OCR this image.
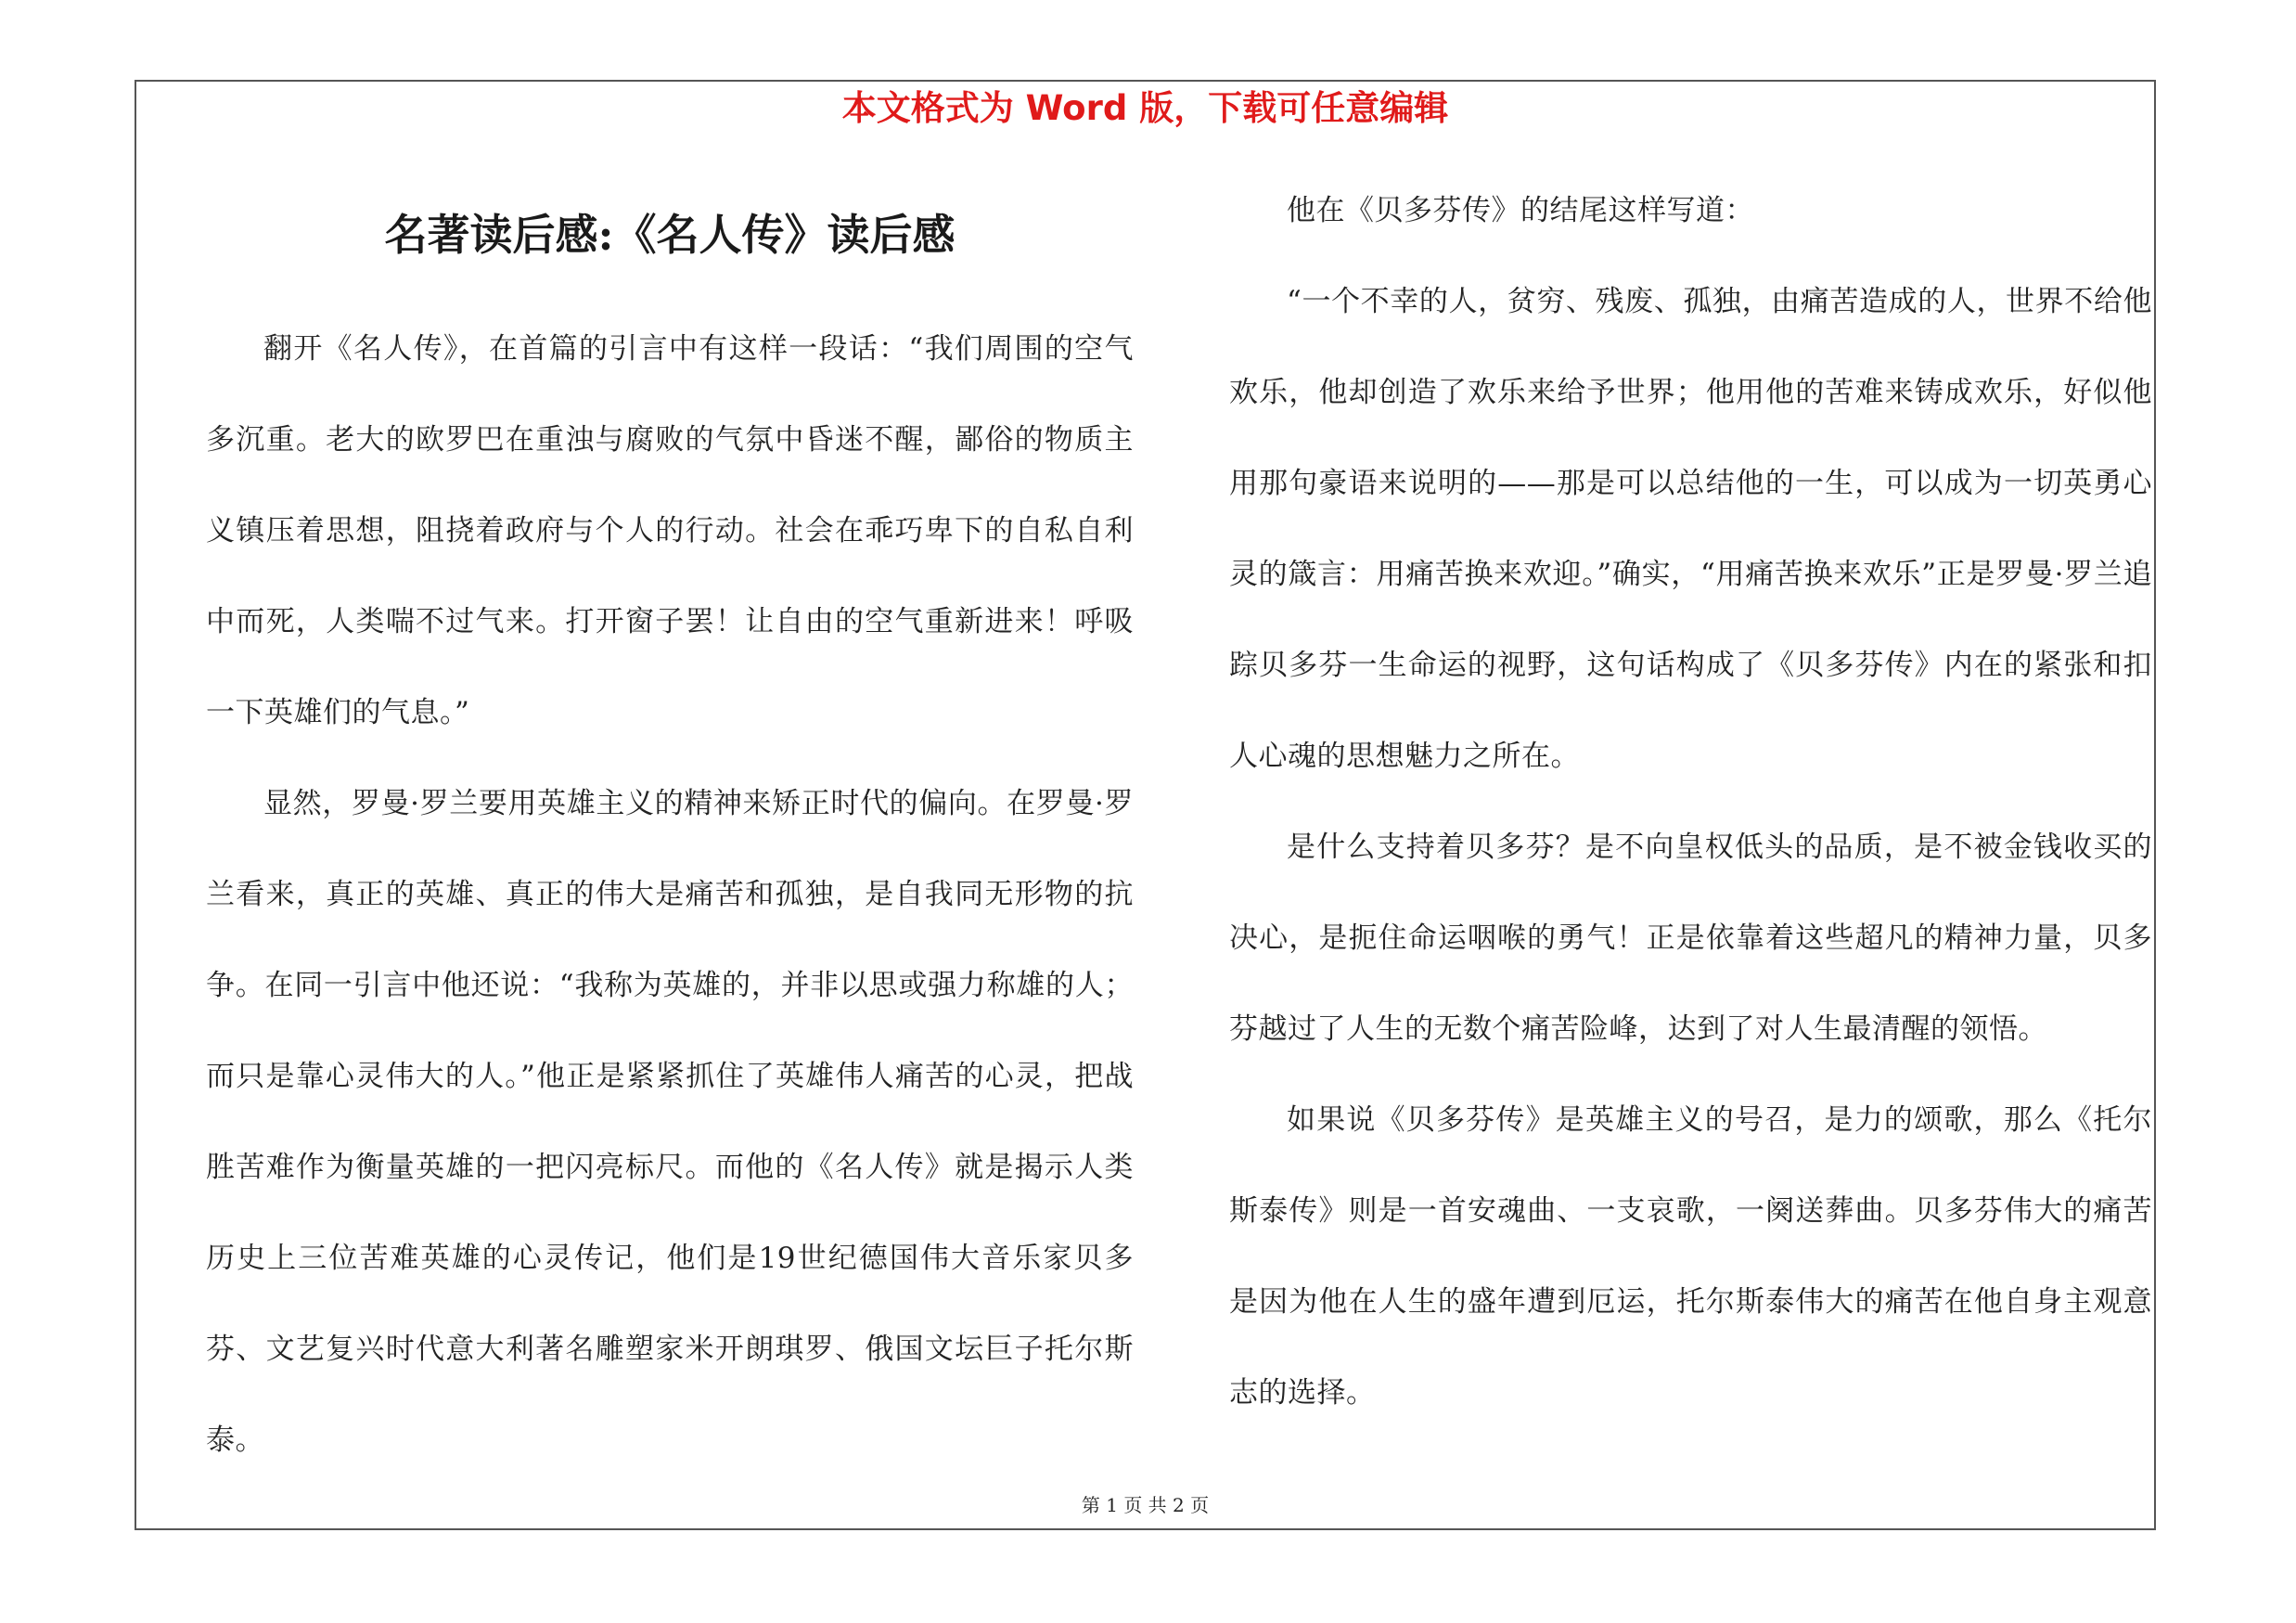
本文格式为 Word 版，下载可任意编辑
名著读后感:《名人传》读后感

翻开《名人传》，在首篇的引言中有这样一段话：“我们周围的空气多沉重。老大的欧罗巴在重浊与腐败的气氛中昏迷不醒，鄙俗的物质主义镇压着思想，阻挠着政府与个人的行动。社会在乖巧卑下的自私自利中而死，人类喘不过气来。打开窗子罢！让自由的空气重新进来！呼吸一下英雄们的气息。”

显然，罗曼·罗兰要用英雄主义的精神来矫正时代的偏向。在罗曼·罗兰看来，真正的英雄、真正的伟大是痛苦和孤独，是自我同无形物的抗争。在同一引言中他还说：“我称为英雄的，并非以思或强力称雄的人；而只是靠心灵伟大的人。”他正是紧紧抓住了英雄伟人痛苦的心灵，把战胜苦难作为衡量英雄的一把闪亮标尺。而他的《名人传》就是揭示人类历史上三位苦难英雄的心灵传记，他们是19世纪德国伟大音乐家贝多芬、文艺复兴时代意大利著名雕塑家米开朗琪罗、俄国文坛巨子托尔斯泰。

他在《贝多芬传》的结尾这样写道：

“一个不幸的人，贫穷、残废、孤独，由痛苦造成的人，世界不给他欢乐，他却创造了欢乐来给予世界；他用他的苦难来铸成欢乐，好似他用那句豪语来说明的——那是可以总结他的一生，可以成为一切英勇心灵的箴言：用痛苦换来欢迎。”确实，“用痛苦换来欢乐”正是罗曼·罗兰追踪贝多芬一生命运的视野，这句话构成了《贝多芬传》内在的紧张和扣人心魂的思想魅力之所在。

是什么支持着贝多芬？是不向皇权低头的品质，是不被金钱收买的决心，是扼住命运咽喉的勇气！正是依靠着这些超凡的精神力量，贝多芬越过了人生的无数个痛苦险峰，达到了对人生最清醒的领悟。

如果说《贝多芬传》是英雄主义的号召，是力的颂歌，那么《托尔斯泰传》则是一首安魂曲、一支哀歌，一阕送葬曲。贝多芬伟大的痛苦是因为他在人生的盛年遭到厄运，托尔斯泰伟大的痛苦在他自身主观意志的选择。

第 1 页 共 2 页
